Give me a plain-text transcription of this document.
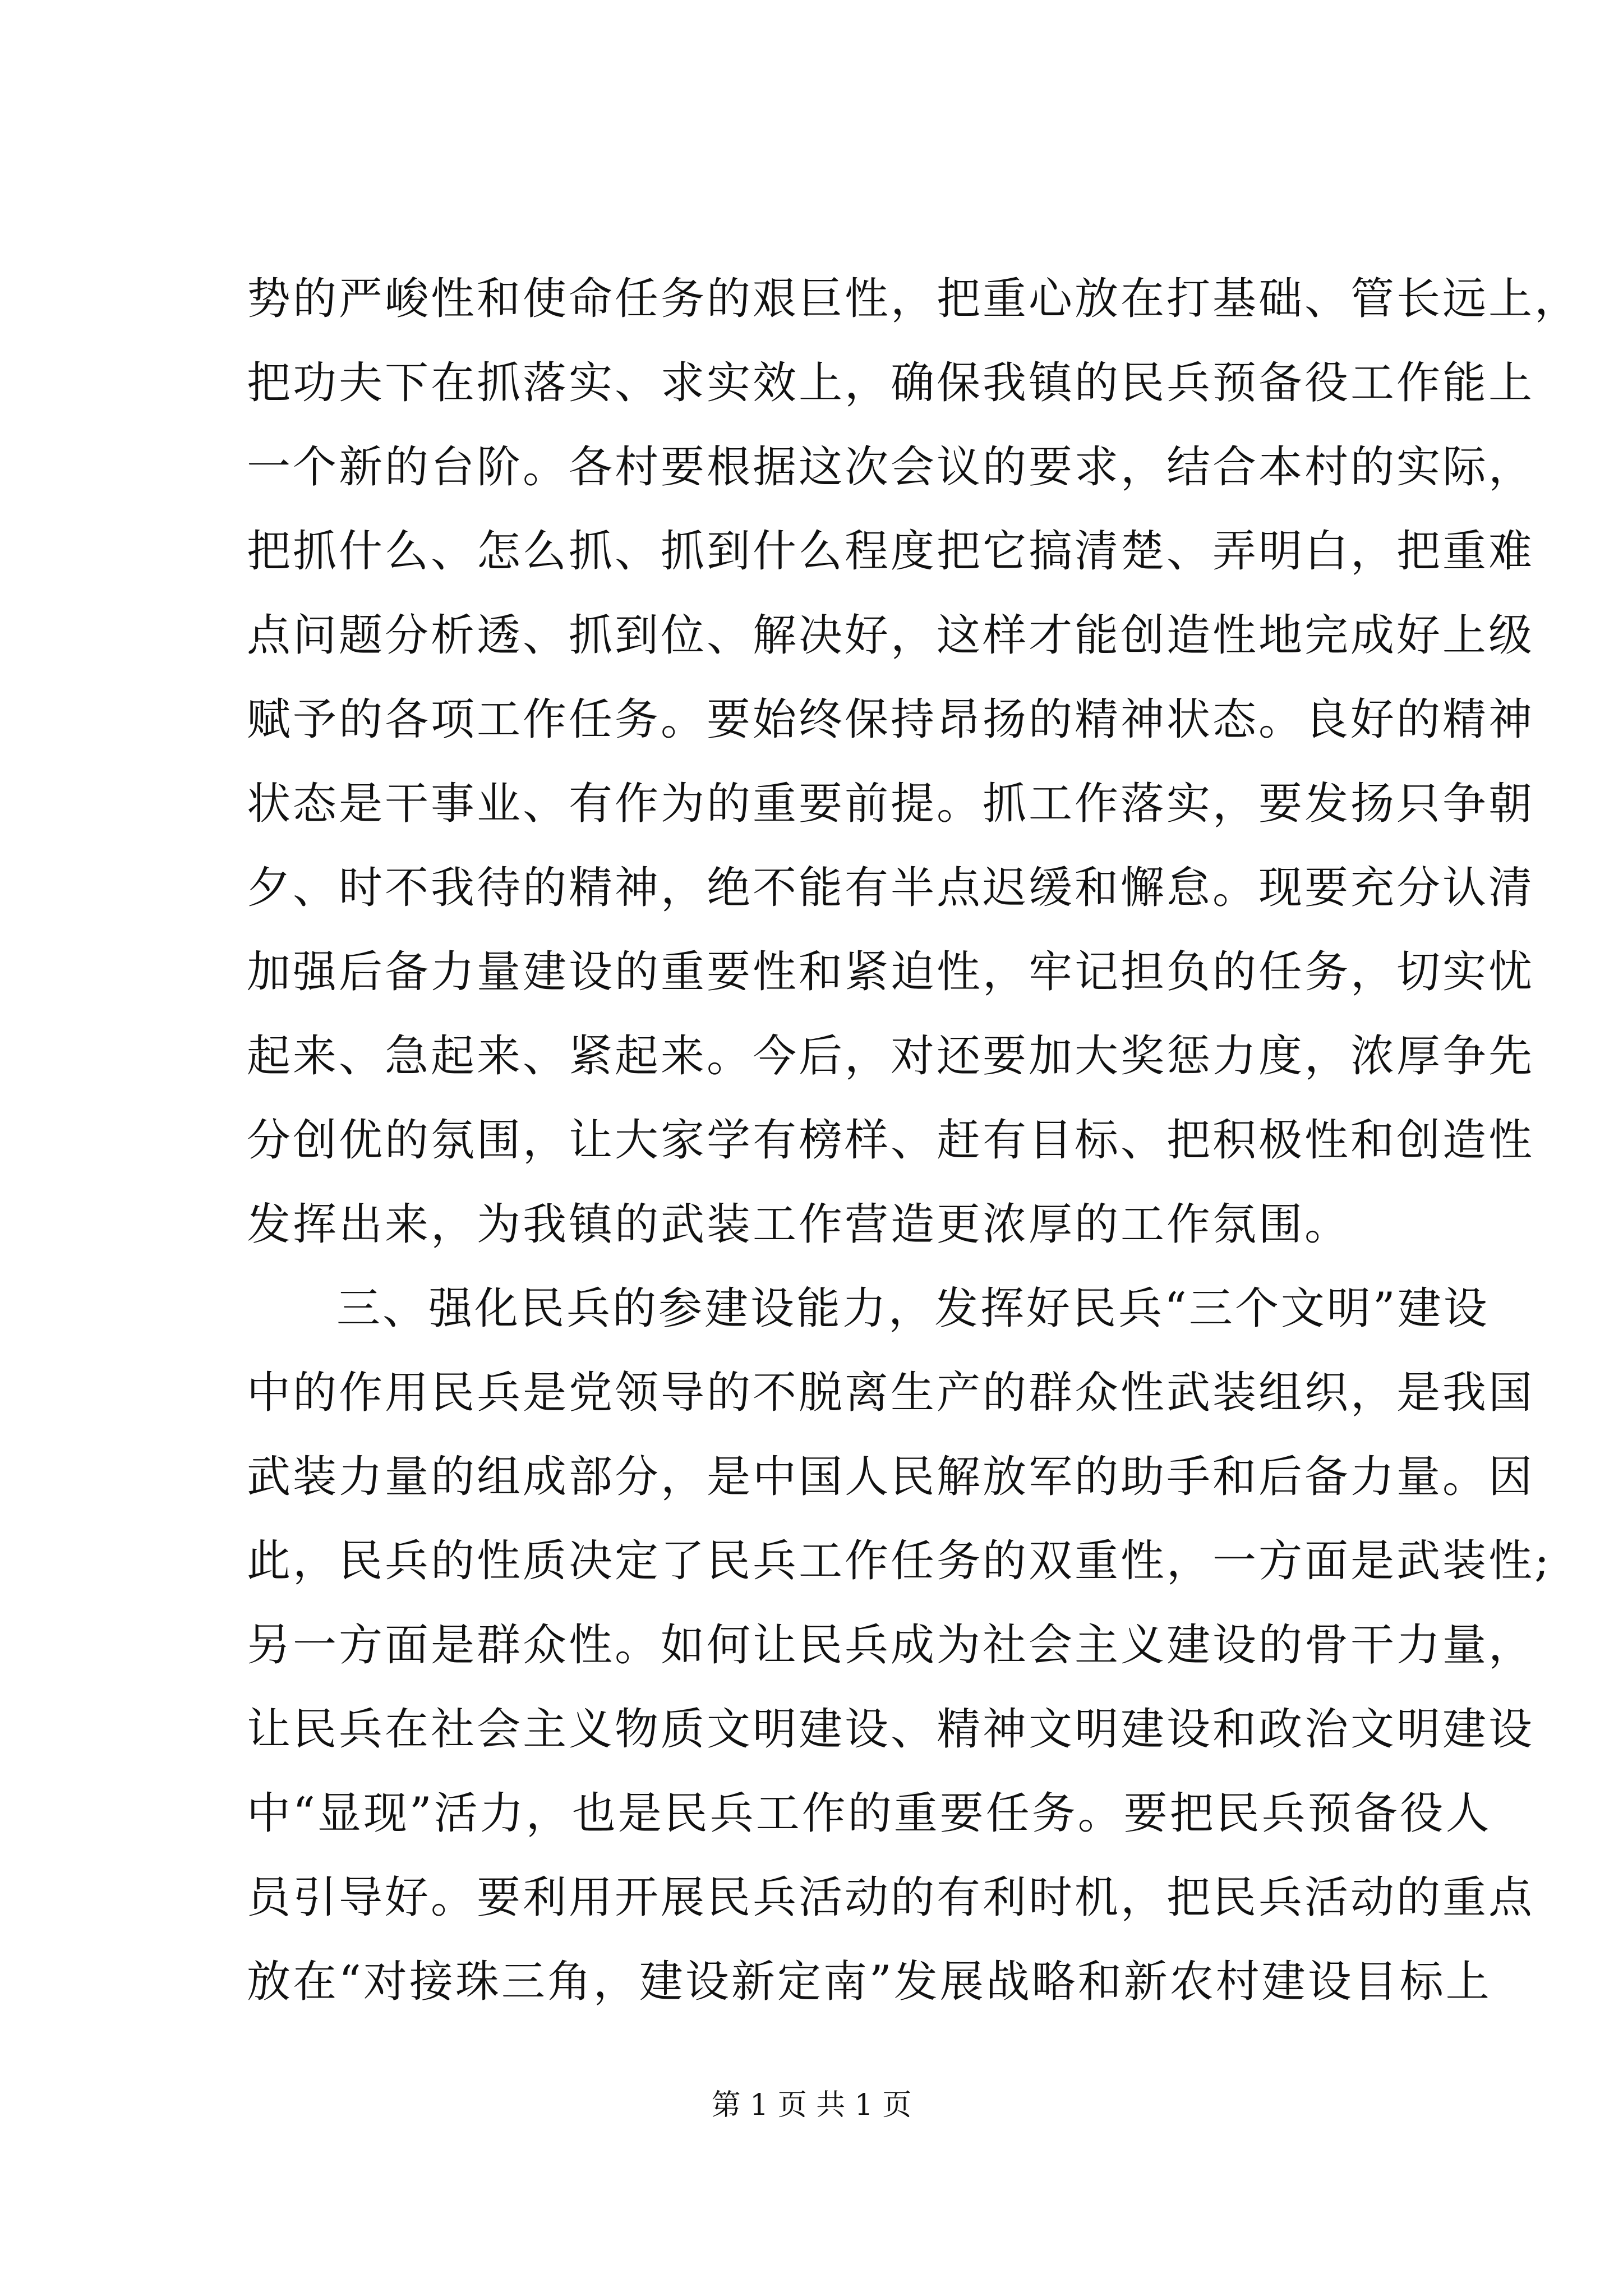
势的严峻性和使命任务的艰巨性，把重心放在打基础、管长远上，
把功夫下在抓落实、求实效上，确保我镇的民兵预备役工作能上
一个新的台阶。各村要根据这次会议的要求，结合本村的实际，
把抓什么、怎么抓、抓到什么程度把它搞清楚、弄明白，把重难
点问题分析透、抓到位、解决好，这样才能创造性地完成好上级
赋予的各项工作任务。要始终保持昂扬的精神状态。良好的精神
状态是干事业、有作为的重要前提。抓工作落实，要发扬只争朝
夕、时不我待的精神，绝不能有半点迟缓和懈怠。现要充分认清
加强后备力量建设的重要性和紧迫性，牢记担负的任务，切实忧
起来、急起来、紧起来。今后，对还要加大奖惩力度，浓厚争先
分创优的氛围，让大家学有榜样、赶有目标、把积极性和创造性
发挥出来，为我镇的武装工作营造更浓厚的工作氛围。
三、强化民兵的参建设能力，发挥好民兵“三个文明”建设
中的作用民兵是党领导的不脱离生产的群众性武装组织，是我国
武装力量的组成部分，是中国人民解放军的助手和后备力量。因
此，民兵的性质决定了民兵工作任务的双重性，一方面是武装性;
另一方面是群众性。如何让民兵成为社会主义建设的骨干力量，
让民兵在社会主义物质文明建设、精神文明建设和政治文明建设
中“显现”活力，也是民兵工作的重要任务。要把民兵预备役人
员引导好。要利用开展民兵活动的有利时机，把民兵活动的重点
放在“对接珠三角，建设新定南”发展战略和新农村建设目标上
第 1 页 共 1 页
